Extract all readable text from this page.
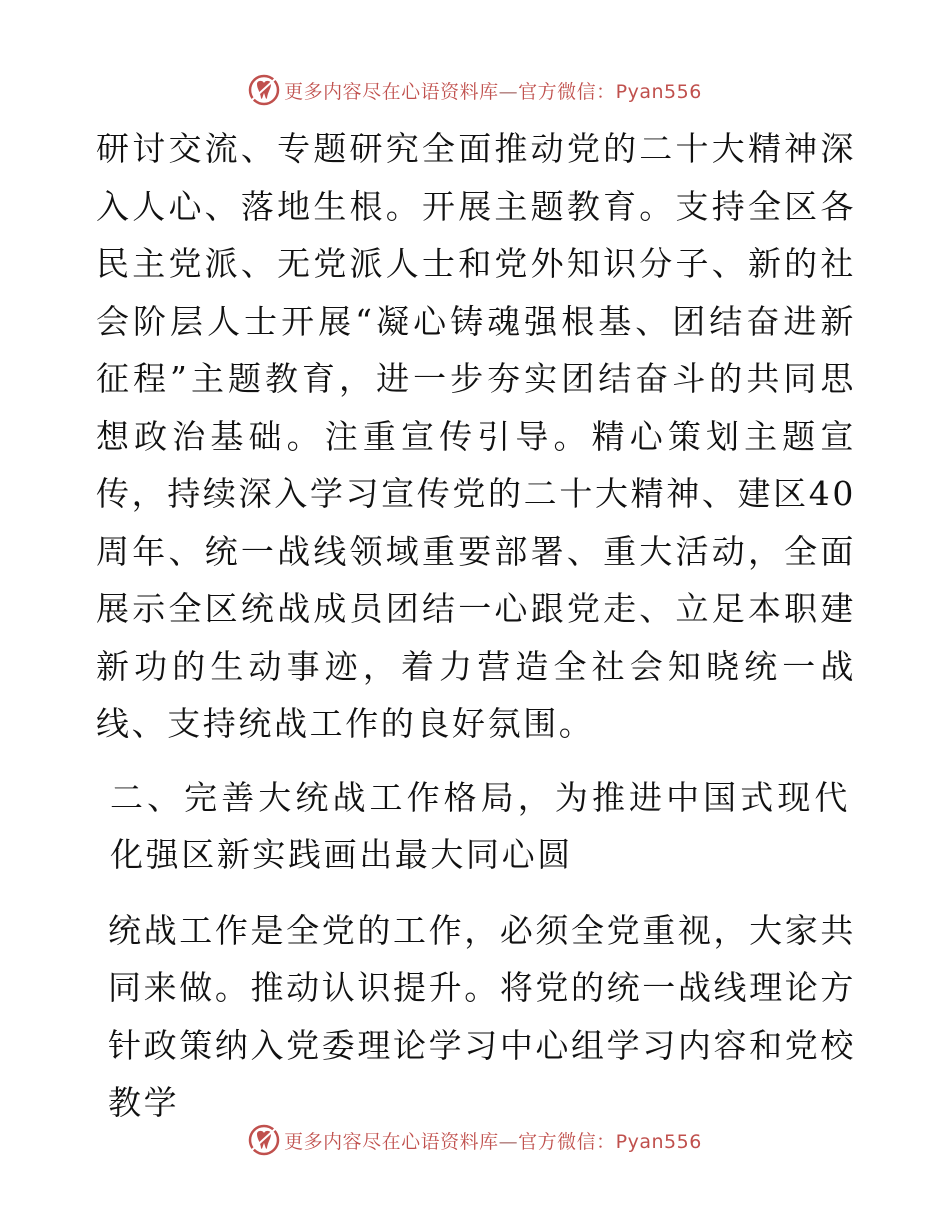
更多内容尽在心语资料库—官方微信：Pyan556

研讨交流、专题研究全面推动党的二十大精神深入人心、落地生根。开展主题教育。支持全区各民主党派、无党派人士和党外知识分子、新的社会阶层人士开展“凝心铸魂强根基、团结奋进新征程”主题教育，进一步夯实团结奋斗的共同思想政治基础。注重宣传引导。精心策划主题宣传，持续深入学习宣传党的二十大精神、建区40周年、统一战线领域重要部署、重大活动，全面展示全区统战成员团结一心跟党走、立足本职建新功的生动事迹，着力营造全社会知晓统一战线、支持统战工作的良好氛围。

二、完善大统战工作格局，为推进中国式现代化强区新实践画出最大同心圆

统战工作是全党的工作，必须全党重视，大家共同来做。推动认识提升。将党的统一战线理论方针政策纳入党委理论学习中心组学习内容和党校教学

更多内容尽在心语资料库—官方微信：Pyan556
